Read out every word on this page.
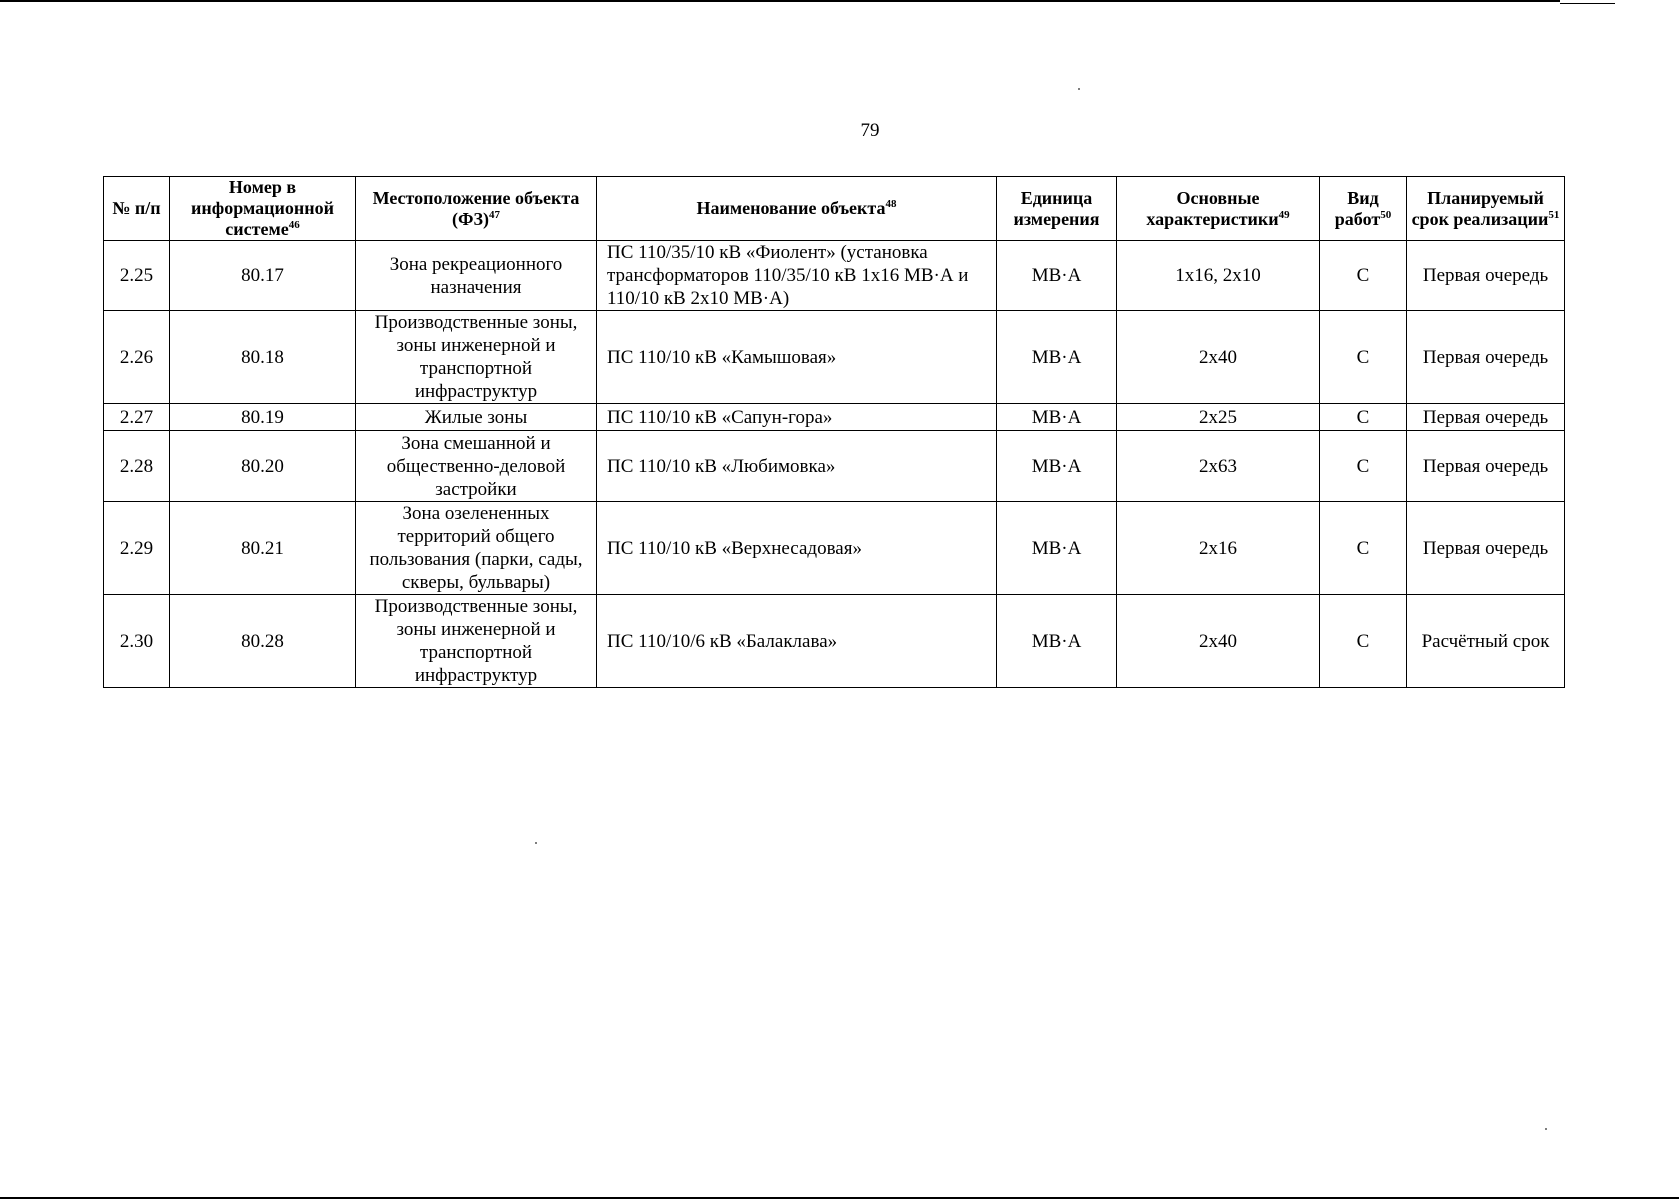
79
№ п/п	Номер в информационной системе$^{46}$	Местоположение объекта (ФЗ)$^{47}$	Наименование объекта$^{48}$	Единица измерения	Основные характеристики$^{49}$	Вид работ$^{50}$	Планируемый срок реализации$^{51}$
2.25	80.17	Зона рекреационного назначения	ПС 110/35/10 кВ «Фиолент» (установка трансформаторов 110/35/10 кВ 1х16 МВ·А и 110/10 кВ 2х10 МВ·А)	МВ·А	1х16, 2х10	С	Первая очередь
2.26	80.18	Производственные зоны, зоны инженерной и транспортной инфраструктур	ПС 110/10 кВ «Камышовая»	МВ·А	2х40	С	Первая очередь
2.27	80.19	Жилые зоны	ПС 110/10 кВ «Сапун-гора»	МВ·А	2х25	С	Первая очередь
2.28	80.20	Зона смешанной и общественно-деловой застройки	ПС 110/10 кВ «Любимовка»	МВ·А	2х63	С	Первая очередь
2.29	80.21	Зона озелененных территорий общего пользования (парки, сады, скверы, бульвары)	ПС 110/10 кВ «Верхнесадовая»	МВ·А	2х16	С	Первая очередь
2.30	80.28	Производственные зоны, зоны инженерной и транспортной инфраструктур	ПС 110/10/6 кВ «Балаклава»	МВ·А	2х40	С	Расчётный срок
